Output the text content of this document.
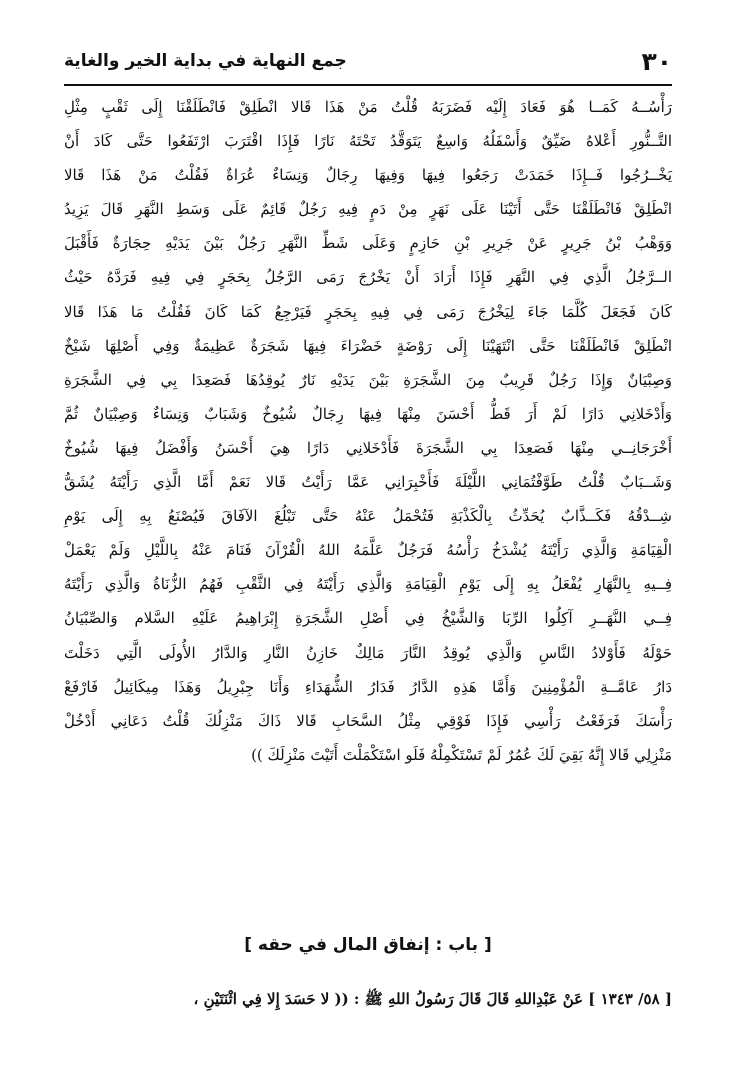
٣٠
جمع النهاية في بداية الخير والغاية
رَأْسُــهُ كَمَــا هُوَ فَعَادَ إِلَيْه فَضَرَبَهُ قُلْتُ مَنْ هَذَا قَالا انْطَلِقْ فَانْطَلَقْنَا إِلَى ثَقْبٍ مِثْلِ
التَّــنُّورِ أَعْلاهُ ضَيِّقٌ وَأَسْفَلُهُ وَاسِعٌ يَتَوَقَّدُ تَحْتَهُ نَارًا فَإِذَا اقْتَرَبَ ارْتَفَعُوا حَتَّى كَادَ أَنْ
يَخْــرُجُوا فَــإِذَا خَمَدَتْ رَجَعُوا فِيهَا وَفِيهَا رِجَالٌ وَنِسَاءٌ عُرَاةٌ فَقُلْتُ مَنْ هَذَا قَالا
انْطَلِقْ فَانْطَلَقْنَا حَتَّى أَتَيْنَا عَلَى نَهَرٍ مِنْ دَمٍ فِيهِ رَجُلٌ قَائِمٌ عَلَى وَسَطِ النَّهَرِ قَالَ يَزِيدُ
وَوَهْبُ بْنُ جَرِيرٍ عَنْ جَرِيرِ بْنِ حَازِمٍ وَعَلَى شَطِّ النَّهَرِ رَجُلٌ بَيْنَ يَدَيْهِ حِجَارَةٌ فَأَقْبَلَ
الــرَّجُلُ الَّذِي فِي النَّهَرِ فَإِذَا أَرَادَ أَنْ يَخْرُجَ رَمَى الرَّجُلُ بِحَجَرٍ فِي فِيهِ فَرَدَّهُ حَيْثُ
كَانَ فَجَعَلَ كُلَّمَا جَاءَ لِيَخْرُجَ رَمَى فِي فِيهِ بِحَجَرٍ فَيَرْجِعُ كَمَا كَانَ فَقُلْتُ مَا هَذَا قَالا
انْطَلِقْ فَانْطَلَقْنَا حَتَّى انْتَهَيْنَا إِلَى رَوْضَةٍ خَضْرَاءَ فِيهَا شَجَرَةٌ عَظِيمَةٌ وَفِي أَصْلِهَا شَيْخٌ
وَصِبْيَانٌ وَإِذَا رَجُلٌ قَرِيبٌ مِنَ الشَّجَرَةِ بَيْنَ يَدَيْهِ نَارٌ يُوقِدُهَا فَصَعِدَا بِي فِي الشَّجَرَةِ
وَأَدْخَلانِي دَارًا لَمْ أَرَ قَطُّ أَحْسَنَ مِنْهَا فِيهَا رِجَالٌ شُيُوخٌ وَشَبَابٌ وَنِسَاءٌ وَصِبْيَانٌ ثُمَّ
أَخْرَجَانِــي مِنْهَا فَصَعِدَا بِي الشَّجَرَةَ فَأَدْخَلانِي دَارًا هِيَ أَحْسَنُ وَأَفْضَلُ فِيهَا شُيُوخٌ
وَشَــبَابٌ قُلْتُ طَوَّفْتُمَانِي اللَّيْلَةَ فَأَخْبِرَانِي عَمَّا رَأَيْتُ قَالا نَعَمْ أَمَّا الَّذِي رَأَيْتَهُ يُشَقُّ
شِــدْقُهُ فَكَــذَّابٌ يُحَدِّثُ بِالْكَذْبَةِ فَتُحْمَلُ عَنْهُ حَتَّى تَبْلُغَ الآفَاقَ فَيُصْنَعُ بِهِ إِلَى يَوْمِ
الْقِيَامَةِ وَالَّذِي رَأَيْتَهُ يُشْدَخُ رَأْسُهُ فَرَجُلٌ عَلَّمَهُ اللهُ الْقُرْآنَ فَنَامَ عَنْهُ بِاللَّيْلِ وَلَمْ يَعْمَلْ
فِــيهِ بِالنَّهَارِ يُفْعَلُ بِهِ إِلَى يَوْمِ الْقِيَامَةِ وَالَّذِي رَأَيْتَهُ فِي الثَّقْبِ فَهُمُ الزُّنَاةُ وَالَّذِي رَأَيْتَهُ
فِــي النَّهَــرِ آكِلُوا الرِّبَا وَالشَّيْخُ فِي أَصْلِ الشَّجَرَةِ إِبْرَاهِيمُ عَلَيْهِ السَّلام وَالصِّبْيَانُ
حَوْلَهُ فَأَوْلادُ النَّاسِ وَالَّذِي يُوقِدُ النَّارَ مَالِكٌ خَازِنُ النَّارِ وَالدَّارُ الأُولَى الَّتِي دَخَلْتَ
دَارُ عَامَّــةِ الْمُؤْمِنِينَ وَأَمَّا هَذِهِ الدَّارُ فَدَارُ الشُّهَدَاءِ وَأَنَا جِبْرِيلُ وَهَذَا مِيكَائِيلُ فَارْفَعْ
رَأْسَكَ فَرَفَعْتُ رَأْسِي فَإِذَا فَوْقِي مِثْلُ السَّحَابِ قَالا ذَاكَ مَنْزِلُكَ قُلْتُ دَعَانِي أَدْخُلْ
مَنْزِلِي قَالا إِنَّهُ بَقِيَ لَكَ عُمُرٌ لَمْ تَسْتَكْمِلْهُ فَلَو اسْتَكْمَلْتَ أَتَيْتَ مَنْزِلَكَ ))
[ باب : إنفاق المال في حقه ]
[ ٥٨/ ١٣٤٣ ] عَنْ عَبْدِاللهِ قَالَ قَالَ رَسُولُ اللهِ ﷺ : (( لا حَسَدَ إِلا فِي اثْنَتَيْنِ ،
